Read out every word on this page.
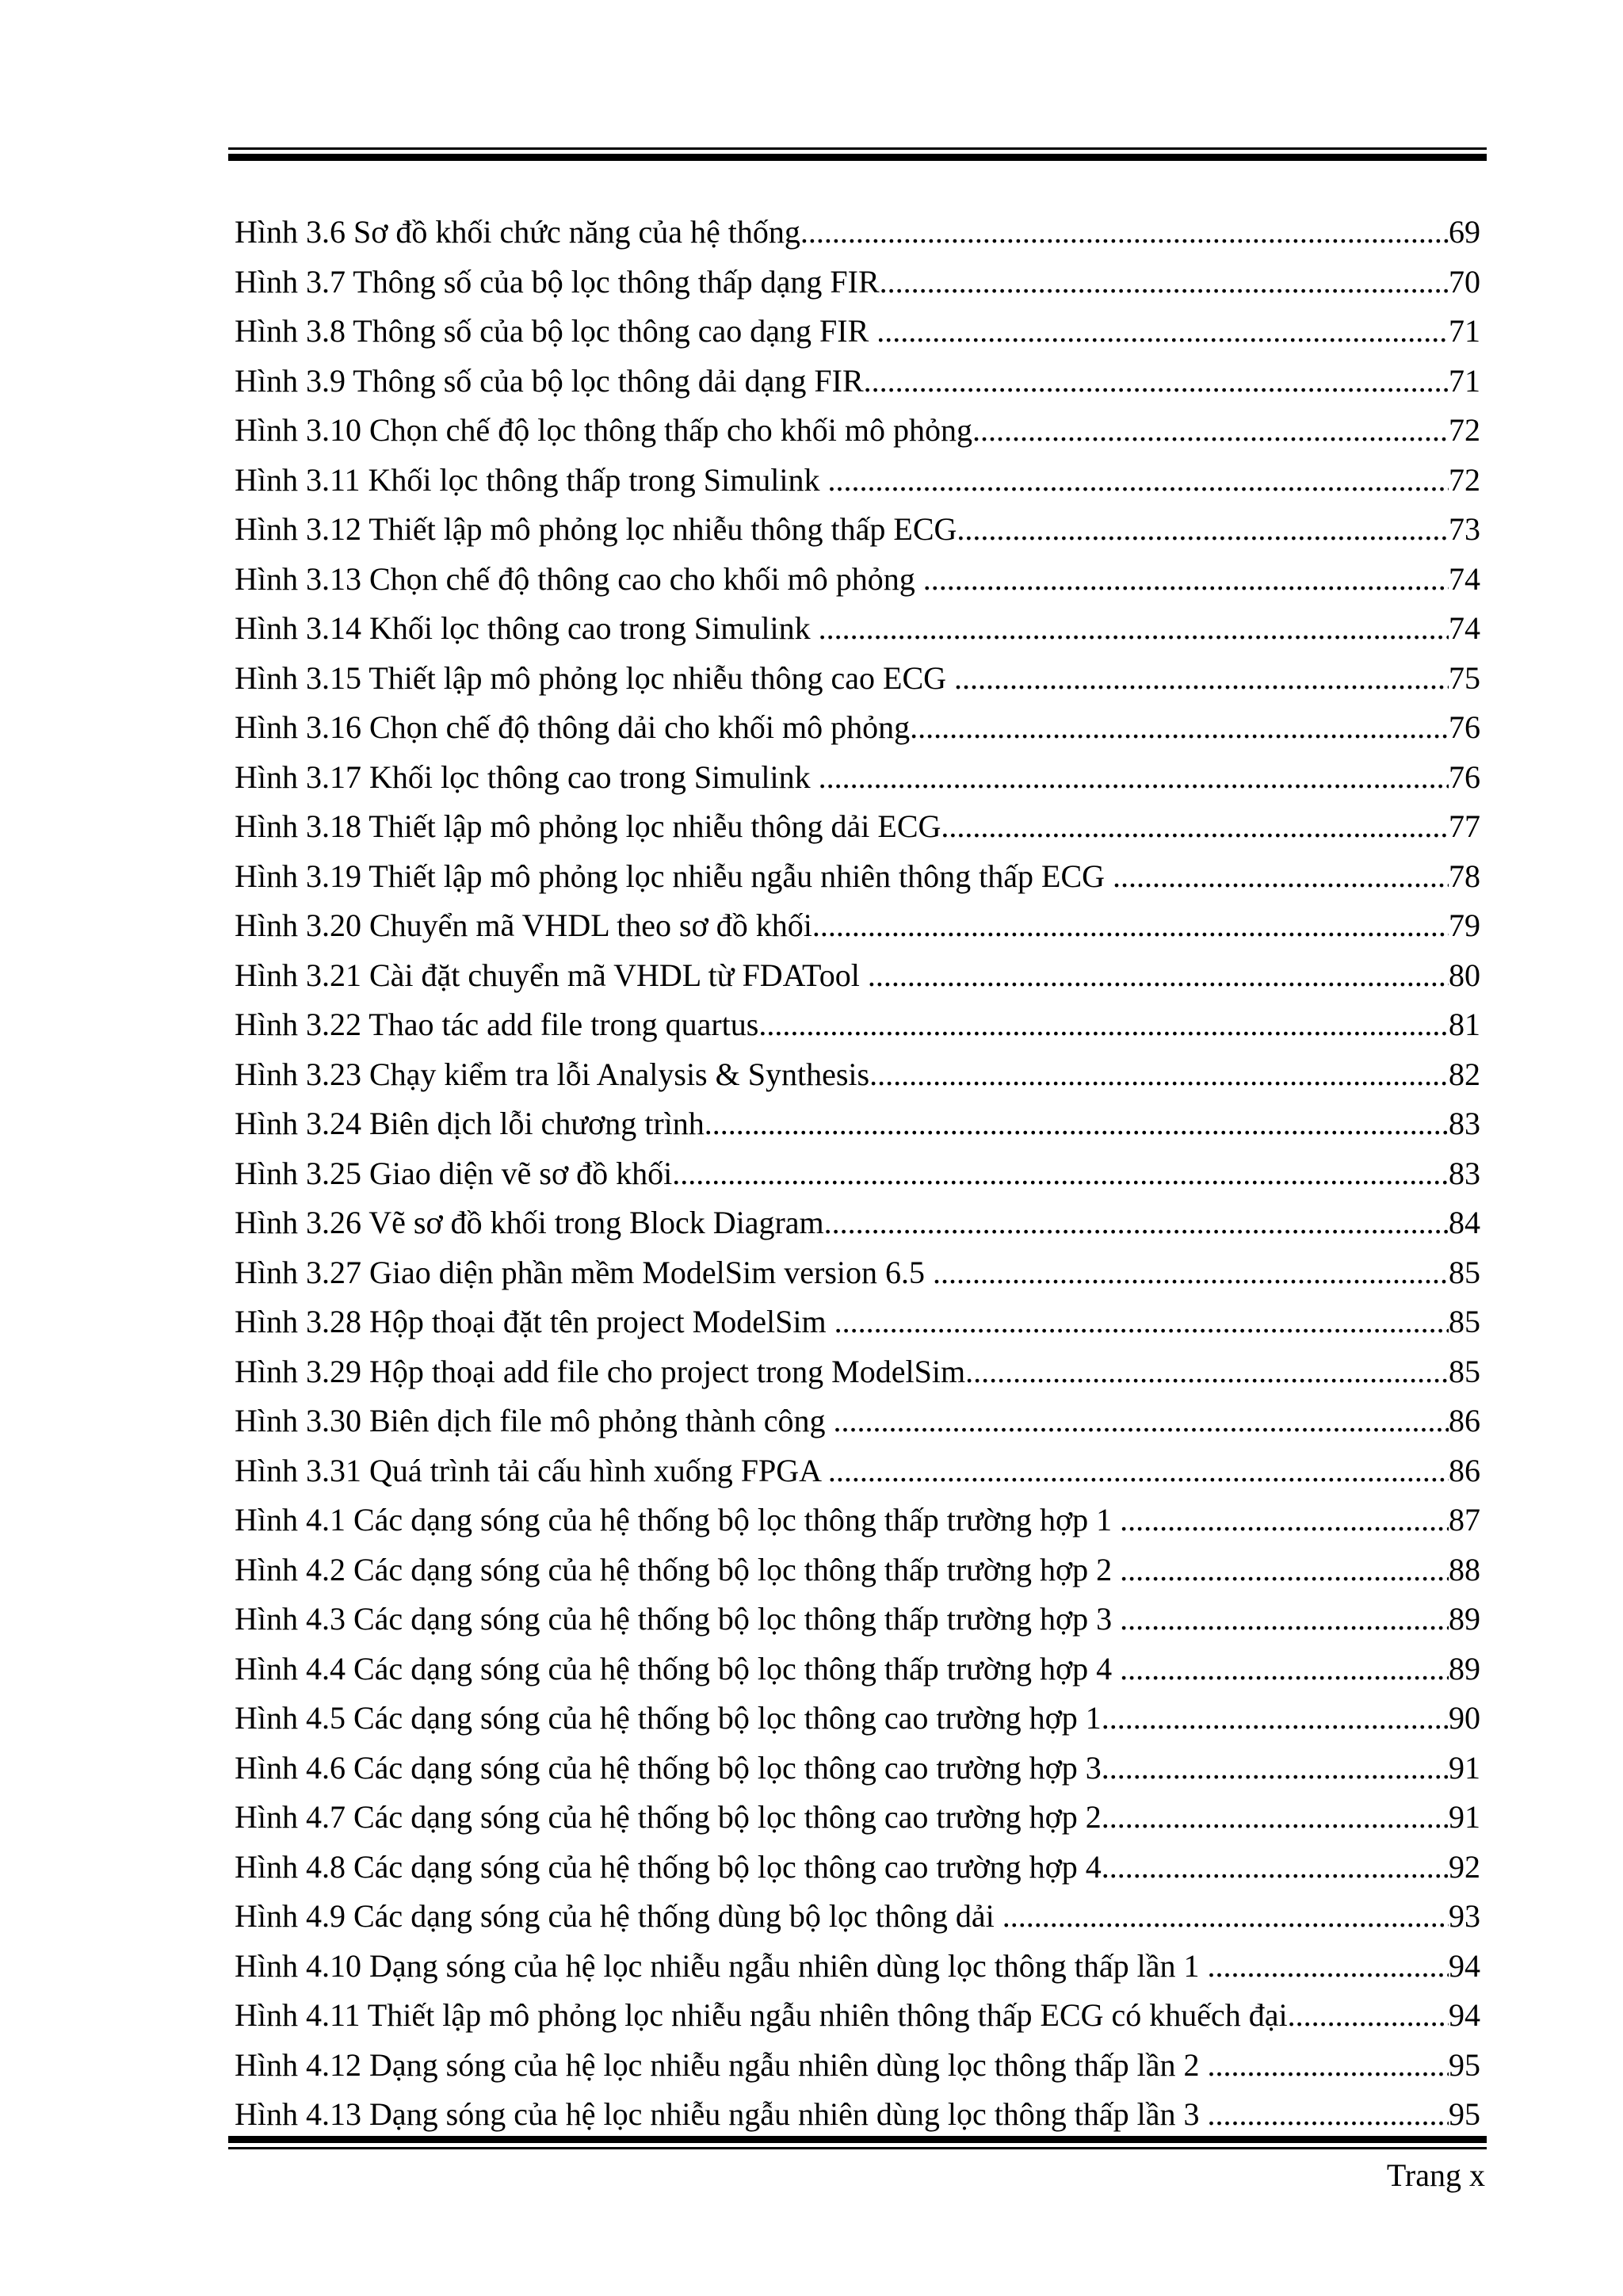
Hình 3.6 Sơ đồ khối chức năng của hệ thống .....	69
Hình 3.7 Thông số của bộ lọc thông thấp dạng FIR .....	70
Hình 3.8 Thông số của bộ lọc thông cao dạng FIR .....	71
Hình 3.9 Thông số của bộ lọc thông dải dạng FIR .....	71
Hình 3.10 Chọn chế độ lọc thông thấp cho khối mô phỏng .....	72
Hình 3.11 Khối lọc thông thấp trong Simulink .....	72
Hình 3.12 Thiết lập mô phỏng lọc nhiễu thông thấp ECG .....	73
Hình 3.13 Chọn chế độ thông cao cho khối mô phỏng .....	74
Hình 3.14 Khối lọc thông cao trong Simulink .....	74
Hình 3.15 Thiết lập mô phỏng lọc nhiễu thông cao ECG .....	75
Hình 3.16 Chọn chế độ thông dải cho khối mô phỏng .....	76
Hình 3.17 Khối lọc thông cao trong Simulink .....	76
Hình 3.18 Thiết lập mô phỏng lọc nhiễu thông dải ECG .....	77
Hình 3.19 Thiết lập mô phỏng lọc nhiễu ngẫu nhiên thông thấp ECG .....	78
Hình 3.20 Chuyển mã VHDL theo sơ đồ khối .....	79
Hình 3.21 Cài đặt chuyển mã VHDL từ FDATool .....	80
Hình 3.22 Thao tác add file trong quartus .....	81
Hình 3.23 Chạy kiểm tra lỗi Analysis & Synthesis .....	82
Hình 3.24 Biên dịch lỗi chương trình .....	83
Hình 3.25 Giao diện vẽ sơ đồ khối .....	83
Hình 3.26 Vẽ sơ đồ khối trong Block Diagram .....	84
Hình 3.27 Giao diện phần mềm ModelSim version 6.5 .....	85
Hình 3.28 Hộp thoại đặt tên project ModelSim .....	85
Hình 3.29 Hộp thoại add file cho project trong ModelSim .....	85
Hình 3.30 Biên dịch file mô phỏng thành công .....	86
Hình 3.31 Quá trình tải cấu hình xuống FPGA .....	86
Hình 4.1 Các dạng sóng của hệ thống bộ lọc thông thấp trường hợp 1 .....	87
Hình 4.2 Các dạng sóng của hệ thống bộ lọc thông thấp trường hợp 2 .....	88
Hình 4.3 Các dạng sóng của hệ thống bộ lọc thông thấp trường hợp 3 .....	89
Hình 4.4 Các dạng sóng của hệ thống bộ lọc thông thấp trường hợp 4 .....	89
Hình 4.5 Các dạng sóng của hệ thống bộ lọc thông cao trường hợp 1 .....	90
Hình 4.6 Các dạng sóng của hệ thống bộ lọc thông cao trường hợp 3 .....	91
Hình 4.7 Các dạng sóng của hệ thống bộ lọc thông cao trường hợp 2 .....	91
Hình 4.8 Các dạng sóng của hệ thống bộ lọc thông cao trường hợp 4 .....	92
Hình 4.9 Các dạng sóng của hệ thống dùng bộ lọc thông dải .....	93
Hình 4.10 Dạng sóng của hệ lọc nhiễu ngẫu nhiên dùng lọc thông thấp lần 1 .....	94
Hình 4.11 Thiết lập mô phỏng lọc nhiễu ngẫu nhiên thông thấp ECG có khuếch đại .....	94
Hình 4.12 Dạng sóng của hệ lọc nhiễu ngẫu nhiên dùng lọc thông thấp lần 2 .....	95
Hình 4.13 Dạng sóng của hệ lọc nhiễu ngẫu nhiên dùng lọc thông thấp lần 3 .....	95
Trang x
